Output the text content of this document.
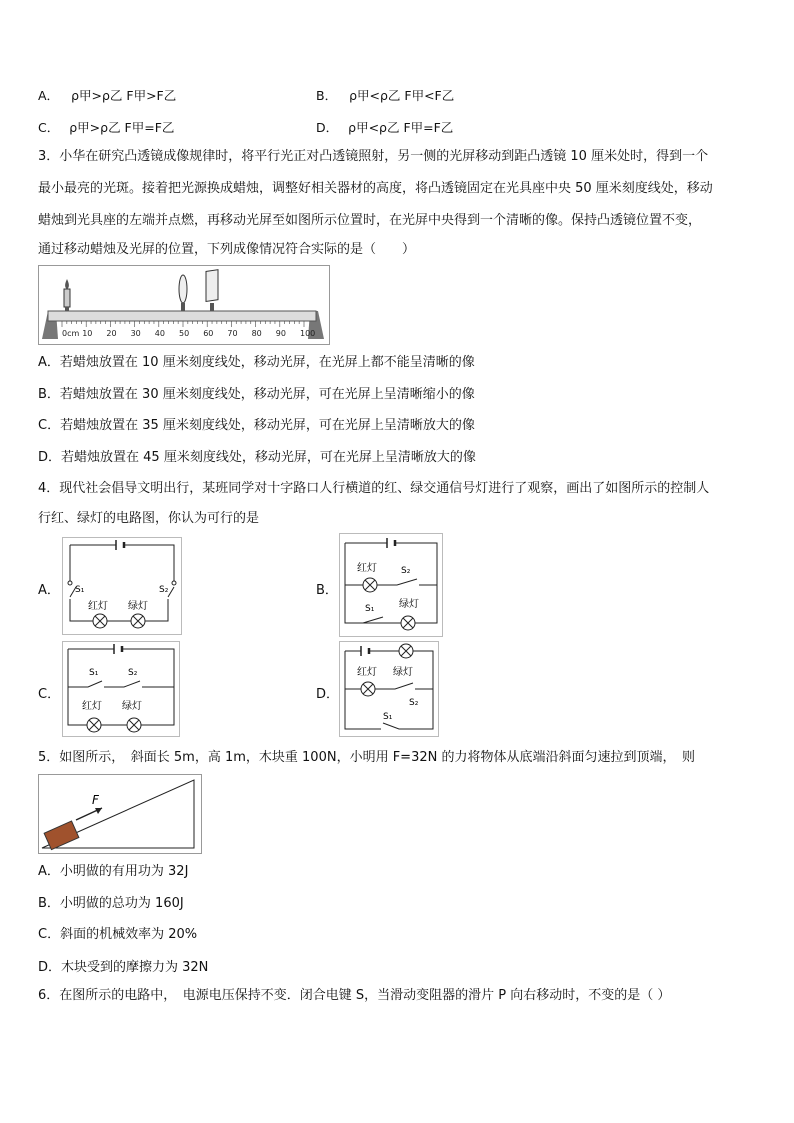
A． ρ甲>ρ乙 F甲>F乙	B． ρ甲<ρ乙 F甲<F乙
C． ρ甲>ρ乙 F甲=F乙	D． ρ甲<ρ乙 F甲=F乙
3．小华在研究凸透镜成像规律时，将平行光正对凸透镜照射，另一侧的光屏移动到距凸透镜 10 厘米处时，得到一个
最小最亮的光斑。接着把光源换成蜡烛，调整好相关器材的高度，将凸透镜固定在光具座中央 50 厘米刻度线处，移动
蜡烛到光具座的左端并点燃，再移动光屏至如图所示位置时，在光屏中央得到一个清晰的像。保持凸透镜位置不变，
通过移动蜡烛及光屏的位置，下列成像情况符合实际的是（　　）
0cm 10 20 30 40 50 60 70 80 90 100
A．若蜡烛放置在 10 厘米刻度线处，移动光屏，在光屏上都不能呈清晰的像
B．若蜡烛放置在 30 厘米刻度线处，移动光屏，可在光屏上呈清晰缩小的像
C．若蜡烛放置在 35 厘米刻度线处，移动光屏，可在光屏上呈清晰放大的像
D．若蜡烛放置在 45 厘米刻度线处，移动光屏，可在光屏上呈清晰放大的像
4．现代社会倡导文明出行，某班同学对十字路口人行横道的红、绿交通信号灯进行了观察，画出了如图所示的控制人
行红、绿灯的电路图，你认为可行的是
A．	B．
C．	D．
S₁	S₂
红灯 绿灯
红灯	S₂
S₁ 绿灯
S₁	S₂
红灯 绿灯
红灯 绿灯
S₂
S₁
5．如图所示，　斜面长 5m，高 1m，木块重 100N，小明用 F=32N 的力将物体从底端沿斜面匀速拉到顶端，　则
F
A．小明做的有用功为 32J
B．小明做的总功为 160J
C．斜面的机械效率为 20%
D．木块受到的摩擦力为 32N
6．在图所示的电路中，　电源电压保持不变．闭合电键 S，当滑动变阻器的滑片 P 向右移动时，不变的是（ ）
